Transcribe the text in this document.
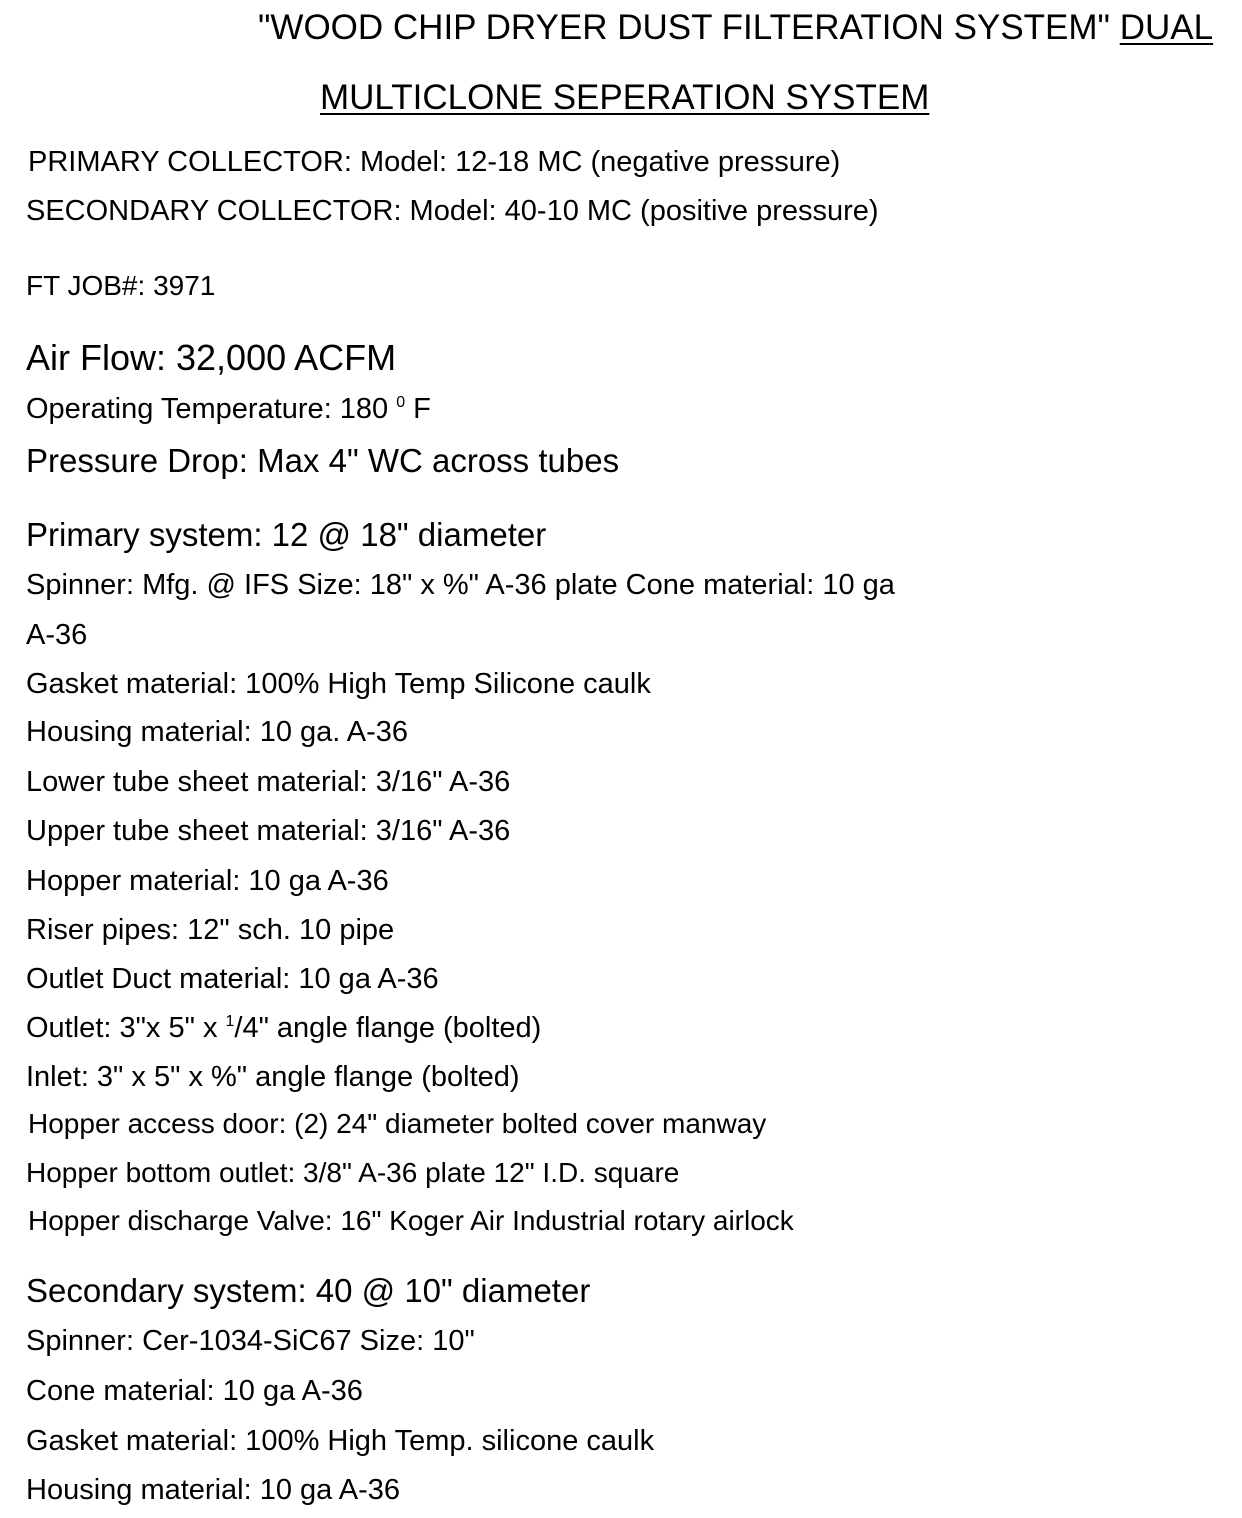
"WOOD CHIP DRYER DUST FILTERATION SYSTEM" DUAL
MULTICLONE SEPERATION SYSTEM
PRIMARY COLLECTOR: Model: 12-18 MC (negative pressure)
SECONDARY COLLECTOR: Model: 40-10 MC (positive pressure)
FT JOB#: 3971
Air Flow: 32,000 ACFM
Operating Temperature: 180 $^0$ F
Pressure Drop: Max 4" WC across tubes
Primary system: 12 @ 18" diameter
Spinner: Mfg. @ IFS Size: 18" x %" A-36 plate Cone material: 10 ga
A-36
Gasket material: 100% High Temp Silicone caulk
Housing material: 10 ga. A-36
Lower tube sheet material: 3/16" A-36
Upper tube sheet material: 3/16" A-36
Hopper material: 10 ga A-36
Riser pipes: 12" sch. 10 pipe
Outlet Duct material: 10 ga A-36
Outlet: 3"x 5" x $^1$/4" angle flange (bolted)
Inlet: 3" x 5" x %" angle flange (bolted)
Hopper access door: (2) 24" diameter bolted cover manway
Hopper bottom outlet: 3/8" A-36 plate 12" I.D. square
Hopper discharge Valve: 16" Koger Air Industrial rotary airlock
Secondary system: 40 @ 10" diameter
Spinner: Cer-1034-SiC67 Size: 10"
Cone material: 10 ga A-36
Gasket material: 100% High Temp. silicone caulk
Housing material: 10 ga A-36
